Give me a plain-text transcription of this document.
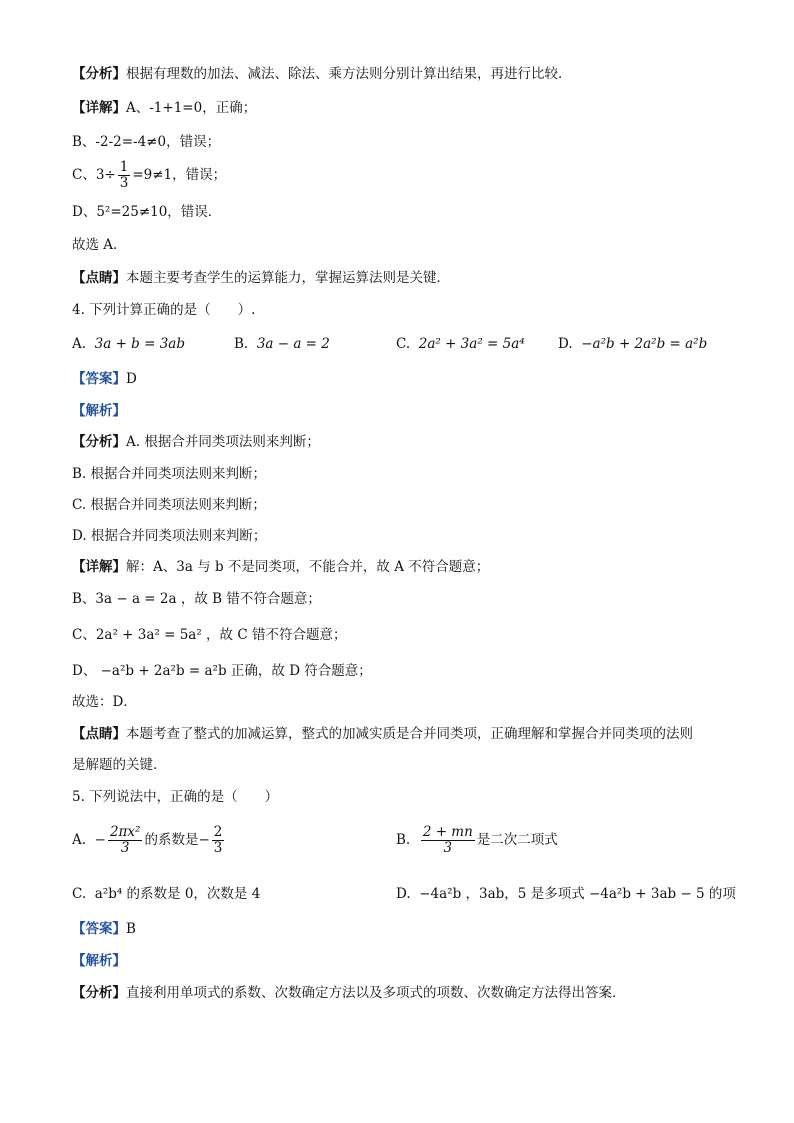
【分析】根据有理数的加法、减法、除法、乘方法则分别计算出结果，再进行比较．
【详解】A、-1+1=0，正确；
B、-2-2=-4≠0，错误；
C、$3\div \frac{1}{3} =9\ne 1$，错误；
D、5²=25≠10，错误．
故选 A．
【点睛】本题主要考查学生的运算能力，掌握运算法则是关键．
4. 下列计算正确的是（　　）.
A. 3a + b = 3ab	B. 3a − a = 2	C. 2a² + 3a² = 5a⁴ D. −a²b + 2a²b = a²b
【答案】D
【解析】
【分析】A. 根据合并同类项法则来判断；
B. 根据合并同类项法则来判断；
C. 根据合并同类项法则来判断；
D. 根据合并同类项法则来判断；
【详解】解：A、3a 与 b 不是同类项，不能合并，故 A 不符合题意；
B、3a − a = 2a ，故 B 错不符合题意；
C、2a² + 3a² = 5a² ，故 C 错不符合题意；
D、 −a²b + 2a²b = a²b 正确，故 D 符合题意；
故选：D．
【点睛】本题考查了整式的加减运算，整式的加减实质是合并同类项，正确理解和掌握合并同类项的法则
是解题的关键．
5. 下列说法中，正确的是（　　）
A. − $\frac{\text{2πx²}}{3}$ 的系数是− $\frac{2}{3}$	B. $\frac{2 + mn}{3}$ 是二次二项式
C. a²b⁴ 的系数是 0，次数是 4	D. −4a²b ，3ab，5 是多项式 −4a²b + 3ab − 5 的项
【答案】B
【解析】
【分析】直接利用单项式的系数、次数确定方法以及多项式的项数、次数确定方法得出答案．
